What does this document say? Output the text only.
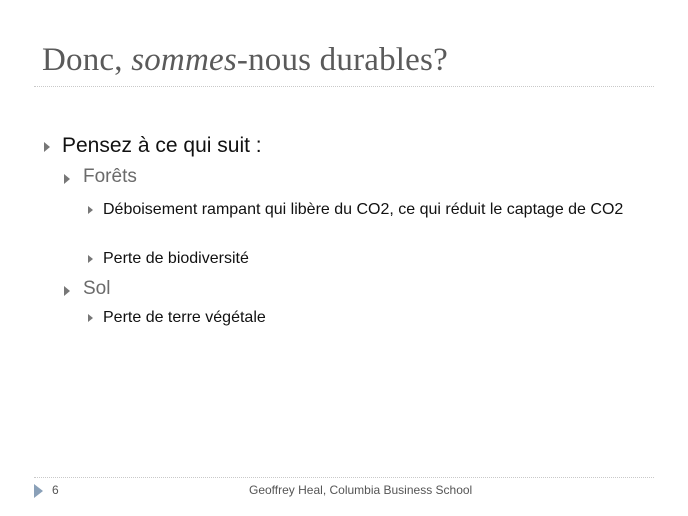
Donc, sommes-nous durables?
Pensez à ce qui suit :
Forêts
Déboisement rampant qui libère du CO2, ce qui réduit le captage de CO2
Perte de biodiversité
Sol
Perte de terre végétale
6	Geoffrey Heal, Columbia Business School
